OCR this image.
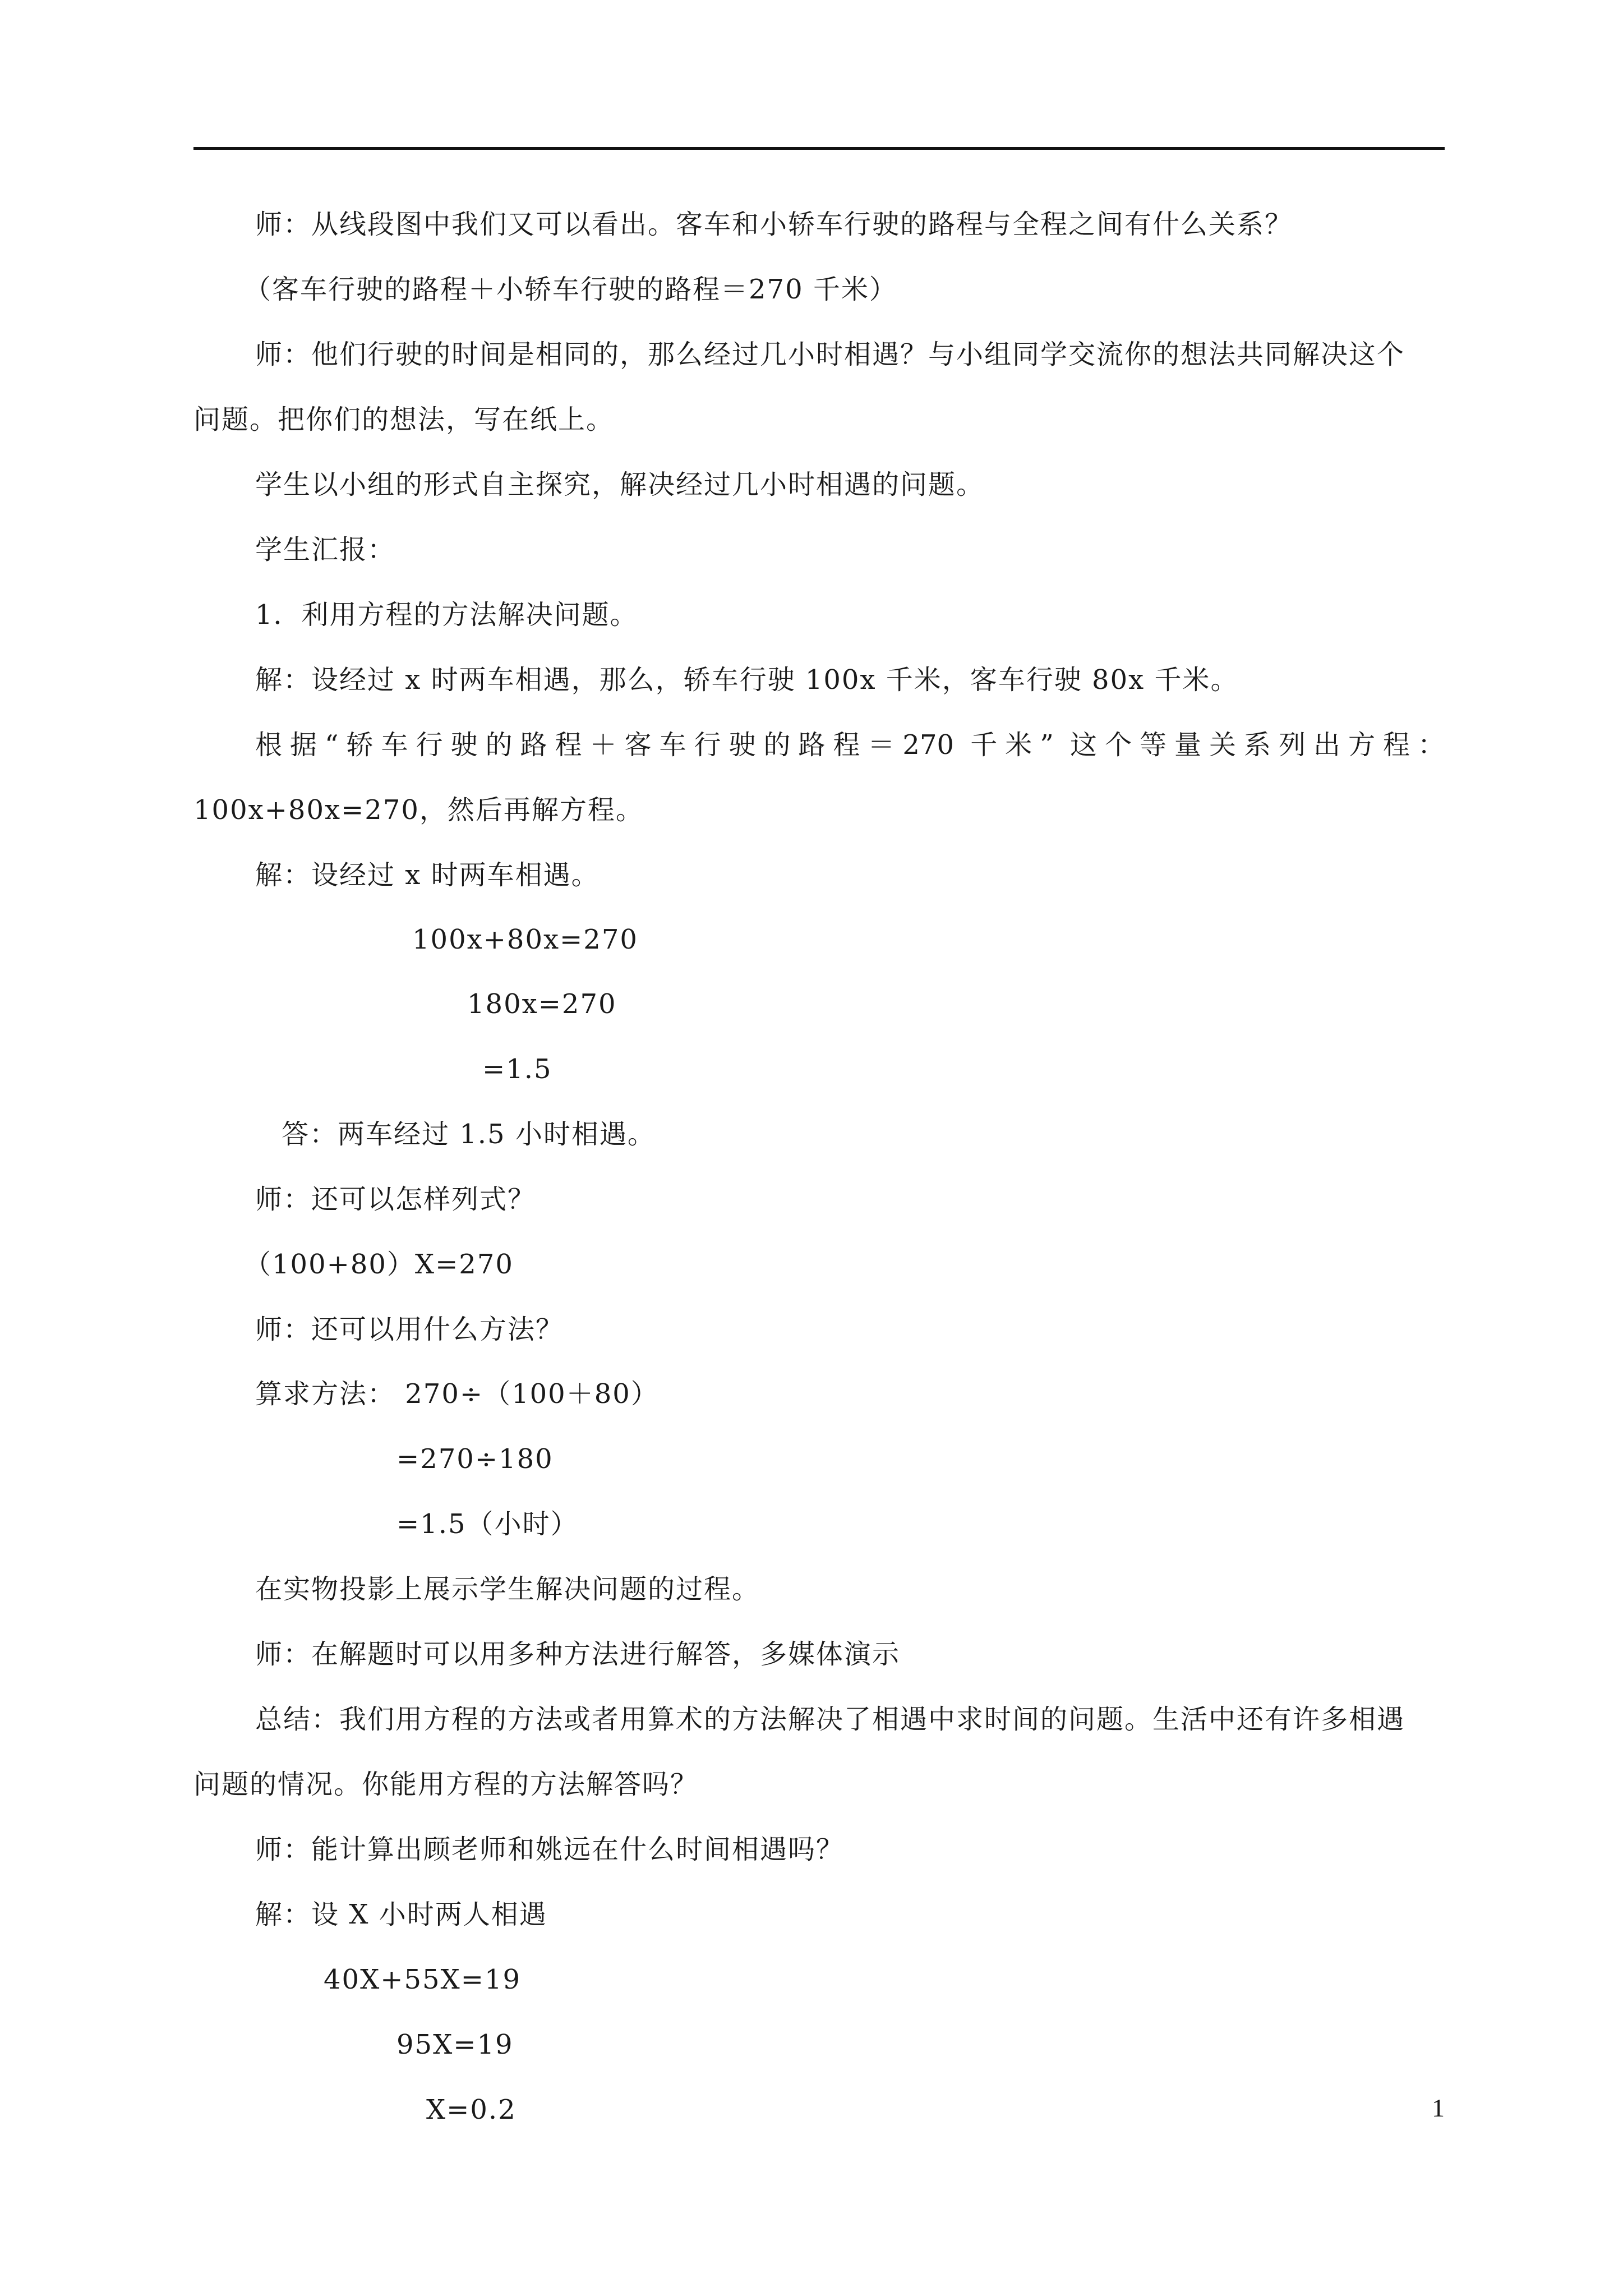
师：从线段图中我们又可以看出。客车和小轿车行驶的路程与全程之间有什么关系？
（客车行驶的路程＋小轿车行驶的路程＝270 千米）
师：他们行驶的时间是相同的，那么经过几小时相遇？与小组同学交流你的想法共同解决这个
问题。把你们的想法，写在纸上。
学生以小组的形式自主探究，解决经过几小时相遇的问题。
学生汇报：
1．利用方程的方法解决问题。
解：设经过 x 时两车相遇，那么，轿车行驶 100x 千米，客车行驶 80x 千米。
根据“轿车行驶的路程＋客车行驶的路程＝270 千米” 这个等量关系列出方程：
100x+80x=270，然后再解方程。
解：设经过 x 时两车相遇。
100x+80x=270
180x=270
=1.5
答：两车经过 1.5 小时相遇。
师：还可以怎样列式？
（100+80）X=270
师：还可以用什么方法？
算求方法： 270÷（100＋80）
=270÷180
=1.5（小时）
在实物投影上展示学生解决问题的过程。
师：在解题时可以用多种方法进行解答，多媒体演示
总结：我们用方程的方法或者用算术的方法解决了相遇中求时间的问题。生活中还有许多相遇
问题的情况。你能用方程的方法解答吗？
师：能计算出顾老师和姚远在什么时间相遇吗？
解：设 X 小时两人相遇
40X+55X=19
95X=19
X=0.2	1
